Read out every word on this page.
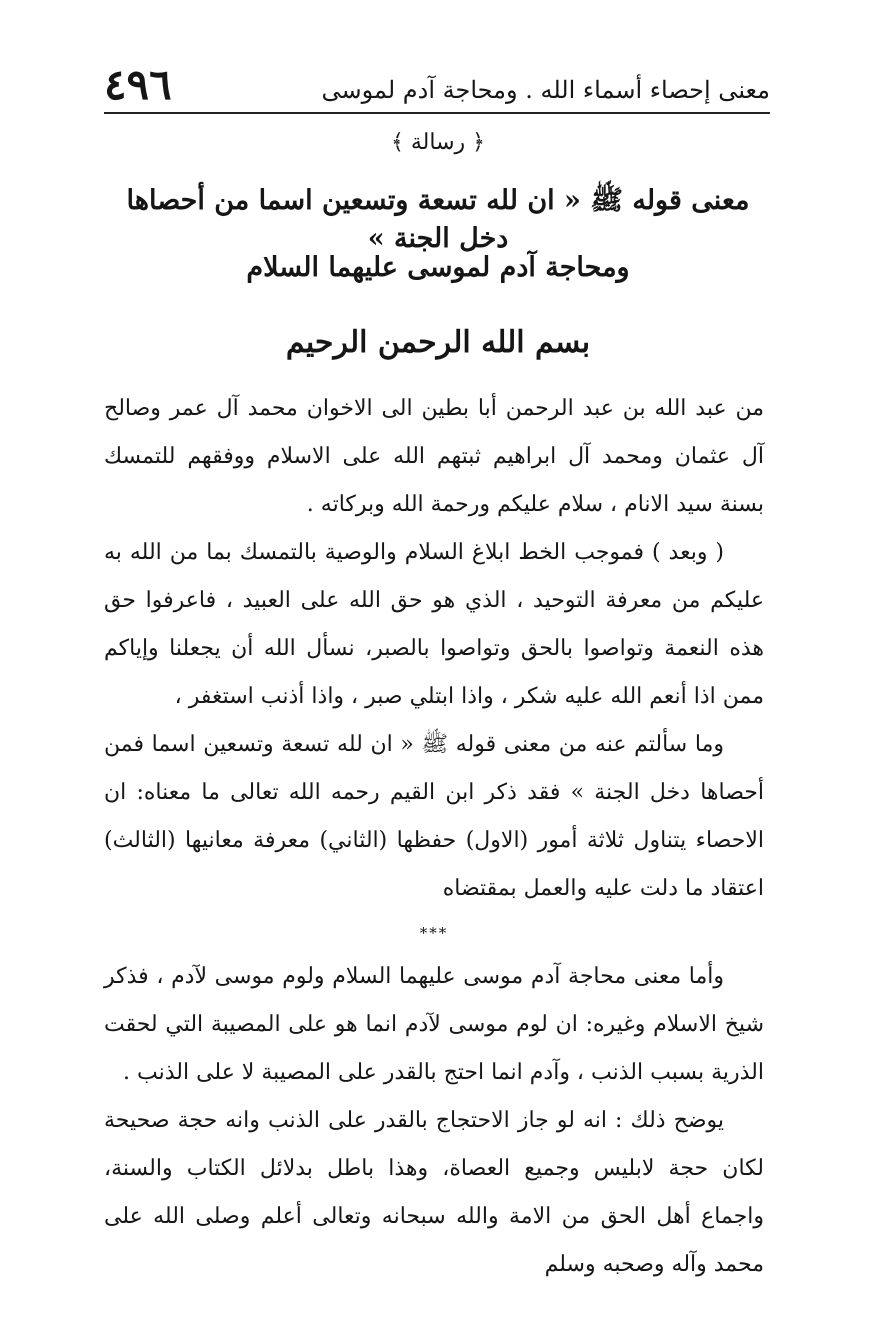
٤٩٦	معنى إحصاء أسماء الله . ومحاجة آدم لموسى
﴿ رسالة ﴾
معنى قوله ﷺ « ان لله تسعة وتسعين اسما من أحصاها دخل الجنة »
ومحاجة آدم لموسى عليهما السلام
بسم الله الرحمن الرحيم

من عبد الله بن عبد الرحمن أبا بطين الى الاخوان محمد آل عمر وصالح آل عثمان ومحمد آل ابراهيم ثبتهم الله على الاسلام ووفقهم للتمسك بسنة سيد الانام ، سلام عليكم ورحمة الله وبركاته .

( وبعد ) فموجب الخط ابلاغ السلام والوصية بالتمسك بما من الله به عليكم من معرفة التوحيد ، الذي هو حق الله على العبيد ، فاعرفوا حق هذه النعمة وتواصوا بالحق وتواصوا بالصبر، نسأل الله أن يجعلنا وإياكم ممن اذا أنعم الله عليه شكر ، واذا ابتلي صبر ، واذا أذنب استغفر ،

وما سألتم عنه من معنى قوله ﷺ « ان لله تسعة وتسعين اسما فمن أحصاها دخل الجنة » فقد ذكر ابن القيم رحمه الله تعالى ما معناه: ان الاحصاء يتناول ثلاثة أمور (الاول) حفظها (الثاني) معرفة معانيها (الثالث) اعتقاد ما دلت عليه والعمل بمقتضاه

***

وأما معنى محاجة آدم موسى عليهما السلام ولوم موسى لآدم ، فذكر شيخ الاسلام وغيره: ان لوم موسى لآدم انما هو على المصيبة التي لحقت الذرية بسبب الذنب ، وآدم انما احتج بالقدر على المصيبة لا على الذنب .

يوضح ذلك : انه لو جاز الاحتجاج بالقدر على الذنب وانه حجة صحيحة لكان حجة لابليس وجميع العصاة، وهذا باطل بدلائل الكتاب والسنة، واجماع أهل الحق من الامة والله سبحانه وتعالى أعلم وصلى الله على محمد وآله وصحبه وسلم
